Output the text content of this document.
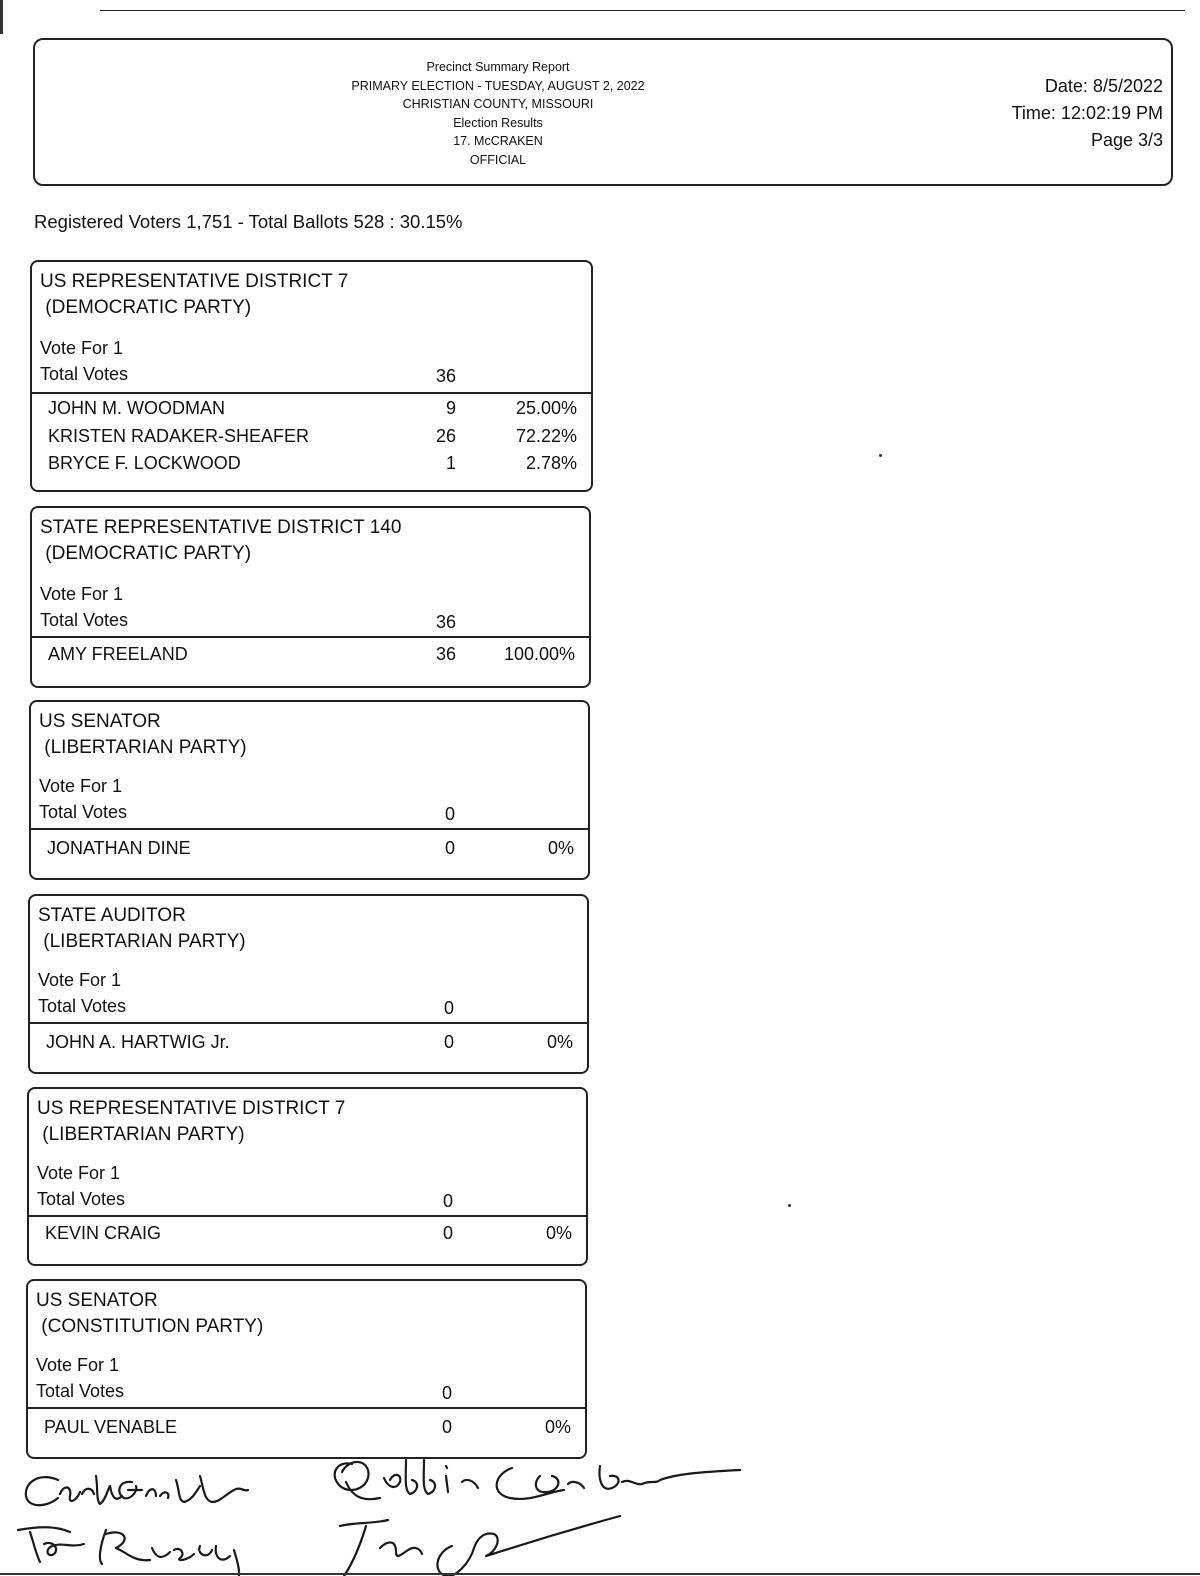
Precinct Summary Report
PRIMARY ELECTION - TUESDAY, AUGUST 2, 2022
CHRISTIAN COUNTY, MISSOURI
Election Results
17. McCRAKEN
OFFICIAL
Date: 8/5/2022
Time: 12:02:19 PM
Page 3/3
Registered Voters 1,751 - Total Ballots 528 : 30.15%
US REPRESENTATIVE DISTRICT 7
(DEMOCRATIC PARTY)
Vote For 1
Total Votes	36
JOHN M. WOODMAN	9	25.00%
KRISTEN RADAKER-SHEAFER	26	72.22%
BRYCE F. LOCKWOOD	1	2.78%
STATE REPRESENTATIVE DISTRICT 140
(DEMOCRATIC PARTY)
Vote For 1
Total Votes	36
AMY FREELAND	36	100.00%
US SENATOR
(LIBERTARIAN PARTY)
Vote For 1
Total Votes	0
JONATHAN DINE	0	0%
STATE AUDITOR
(LIBERTARIAN PARTY)
Vote For 1
Total Votes	0
JOHN A. HARTWIG Jr.	0	0%
US REPRESENTATIVE DISTRICT 7
(LIBERTARIAN PARTY)
Vote For 1
Total Votes	0
KEVIN CRAIG	0	0%
US SENATOR
(CONSTITUTION PARTY)
Vote For 1
Total Votes	0
PAUL VENABLE	0	0%
